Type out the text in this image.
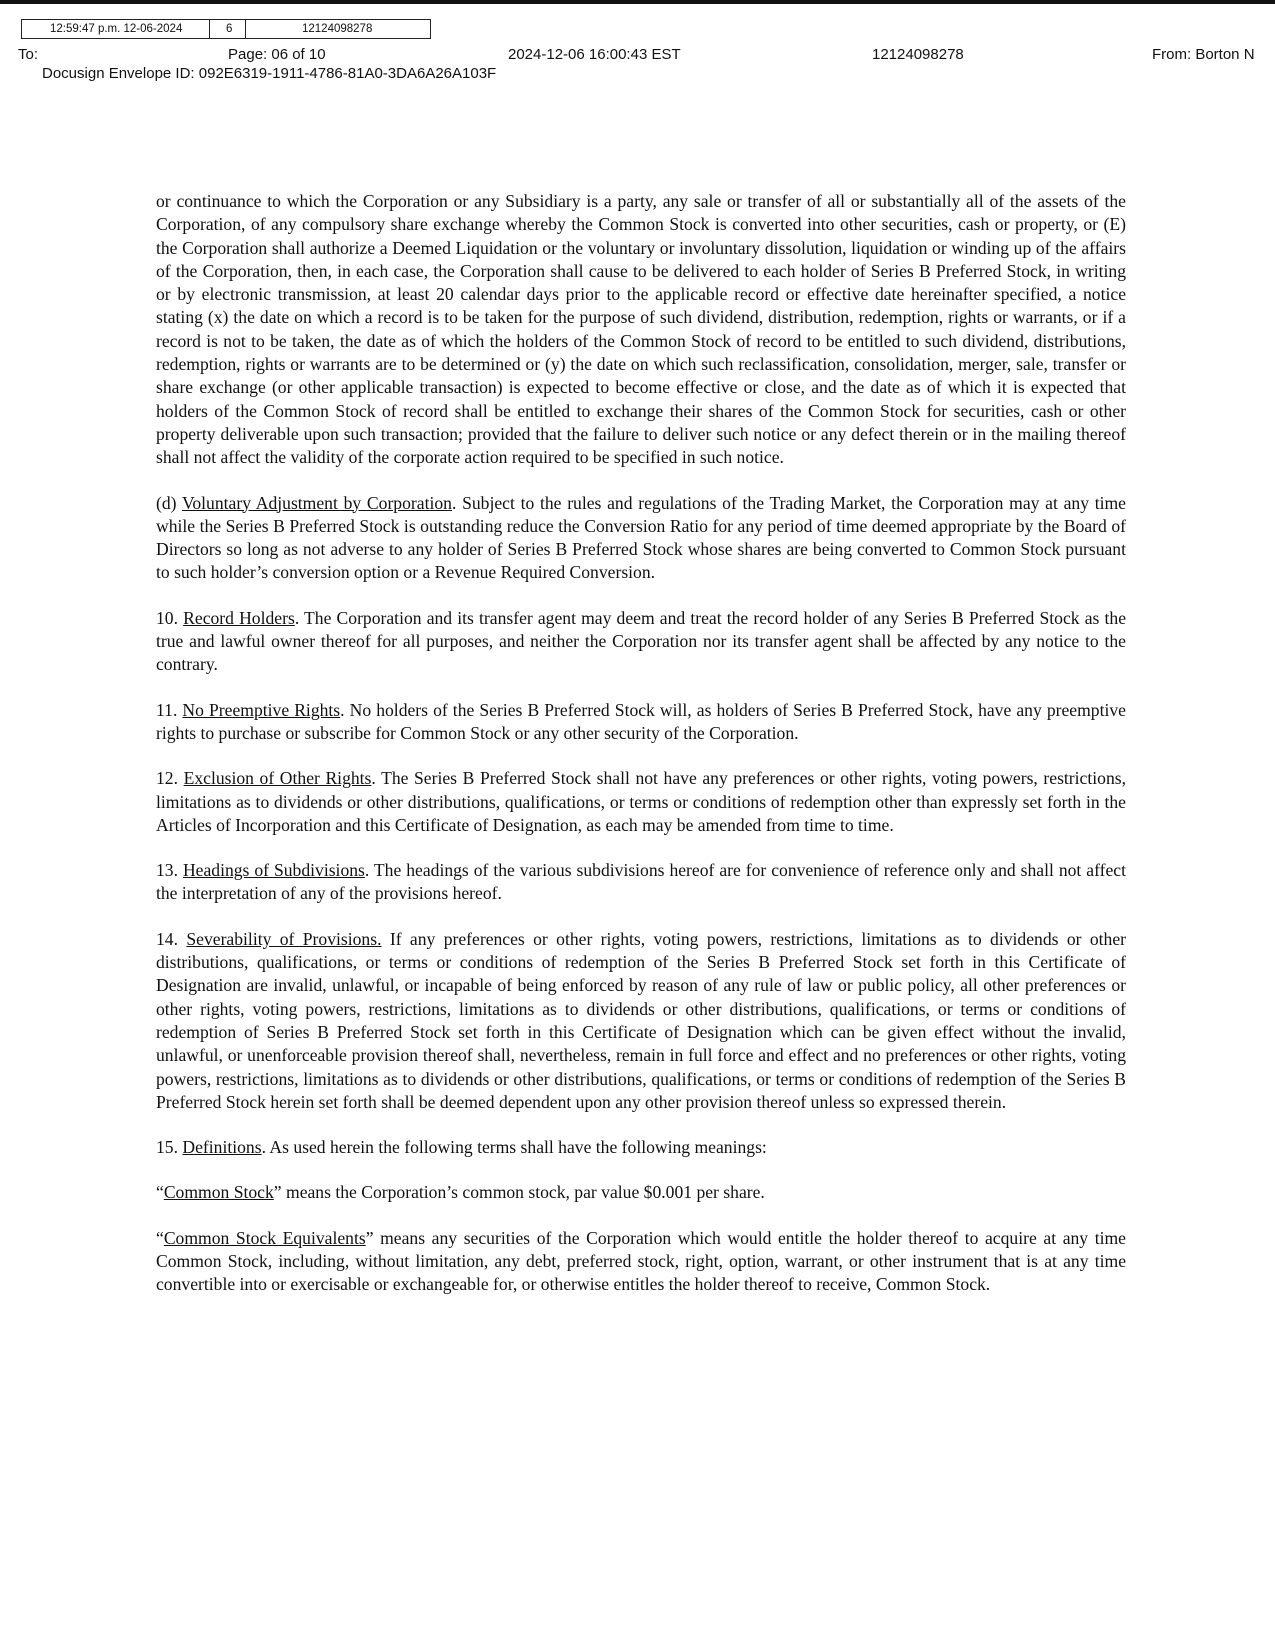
12:59:47 p.m. 12-06-2024	6	12124098278
To:	Page: 06 of 10	2024-12-06 16:00:43 EST	12124098278	From: Borton N
Docusign Envelope ID: 092E6319-1911-4786-81A0-3DA6A26A103F

or continuance to which the Corporation or any Subsidiary is a party, any sale or transfer of all or substantially all of the assets of the Corporation, of any compulsory share exchange whereby the Common Stock is converted into other securities, cash or property, or (E) the Corporation shall authorize a Deemed Liquidation or the voluntary or involuntary dissolution, liquidation or winding up of the affairs of the Corporation, then, in each case, the Corporation shall cause to be delivered to each holder of Series B Preferred Stock, in writing or by electronic transmission, at least 20 calendar days prior to the applicable record or effective date hereinafter specified, a notice stating (x) the date on which a record is to be taken for the purpose of such dividend, distribution, redemption, rights or warrants, or if a record is not to be taken, the date as of which the holders of the Common Stock of record to be entitled to such dividend, distributions, redemption, rights or warrants are to be determined or (y) the date on which such reclassification, consolidation, merger, sale, transfer or share exchange (or other applicable transaction) is expected to become effective or close, and the date as of which it is expected that holders of the Common Stock of record shall be entitled to exchange their shares of the Common Stock for securities, cash or other property deliverable upon such transaction; provided that the failure to deliver such notice or any defect therein or in the mailing thereof shall not affect the validity of the corporate action required to be specified in such notice.

(d) Voluntary Adjustment by Corporation. Subject to the rules and regulations of the Trading Market, the Corporation may at any time while the Series B Preferred Stock is outstanding reduce the Conversion Ratio for any period of time deemed appropriate by the Board of Directors so long as not adverse to any holder of Series B Preferred Stock whose shares are being converted to Common Stock pursuant to such holder’s conversion option or a Revenue Required Conversion.

10. Record Holders. The Corporation and its transfer agent may deem and treat the record holder of any Series B Preferred Stock as the true and lawful owner thereof for all purposes, and neither the Corporation nor its transfer agent shall be affected by any notice to the contrary.

11. No Preemptive Rights. No holders of the Series B Preferred Stock will, as holders of Series B Preferred Stock, have any preemptive rights to purchase or subscribe for Common Stock or any other security of the Corporation.

12. Exclusion of Other Rights. The Series B Preferred Stock shall not have any preferences or other rights, voting powers, restrictions, limitations as to dividends or other distributions, qualifications, or terms or conditions of redemption other than expressly set forth in the Articles of Incorporation and this Certificate of Designation, as each may be amended from time to time.

13. Headings of Subdivisions. The headings of the various subdivisions hereof are for convenience of reference only and shall not affect the interpretation of any of the provisions hereof.

14. Severability of Provisions. If any preferences or other rights, voting powers, restrictions, limitations as to dividends or other distributions, qualifications, or terms or conditions of redemption of the Series B Preferred Stock set forth in this Certificate of Designation are invalid, unlawful, or incapable of being enforced by reason of any rule of law or public policy, all other preferences or other rights, voting powers, restrictions, limitations as to dividends or other distributions, qualifications, or terms or conditions of redemption of Series B Preferred Stock set forth in this Certificate of Designation which can be given effect without the invalid, unlawful, or unenforceable provision thereof shall, nevertheless, remain in full force and effect and no preferences or other rights, voting powers, restrictions, limitations as to dividends or other distributions, qualifications, or terms or conditions of redemption of the Series B Preferred Stock herein set forth shall be deemed dependent upon any other provision thereof unless so expressed therein.

15. Definitions. As used herein the following terms shall have the following meanings:

“Common Stock” means the Corporation’s common stock, par value $0.001 per share.

“Common Stock Equivalents” means any securities of the Corporation which would entitle the holder thereof to acquire at any time Common Stock, including, without limitation, any debt, preferred stock, right, option, warrant, or other instrument that is at any time convertible into or exercisable or exchangeable for, or otherwise entitles the holder thereof to receive, Common Stock.
